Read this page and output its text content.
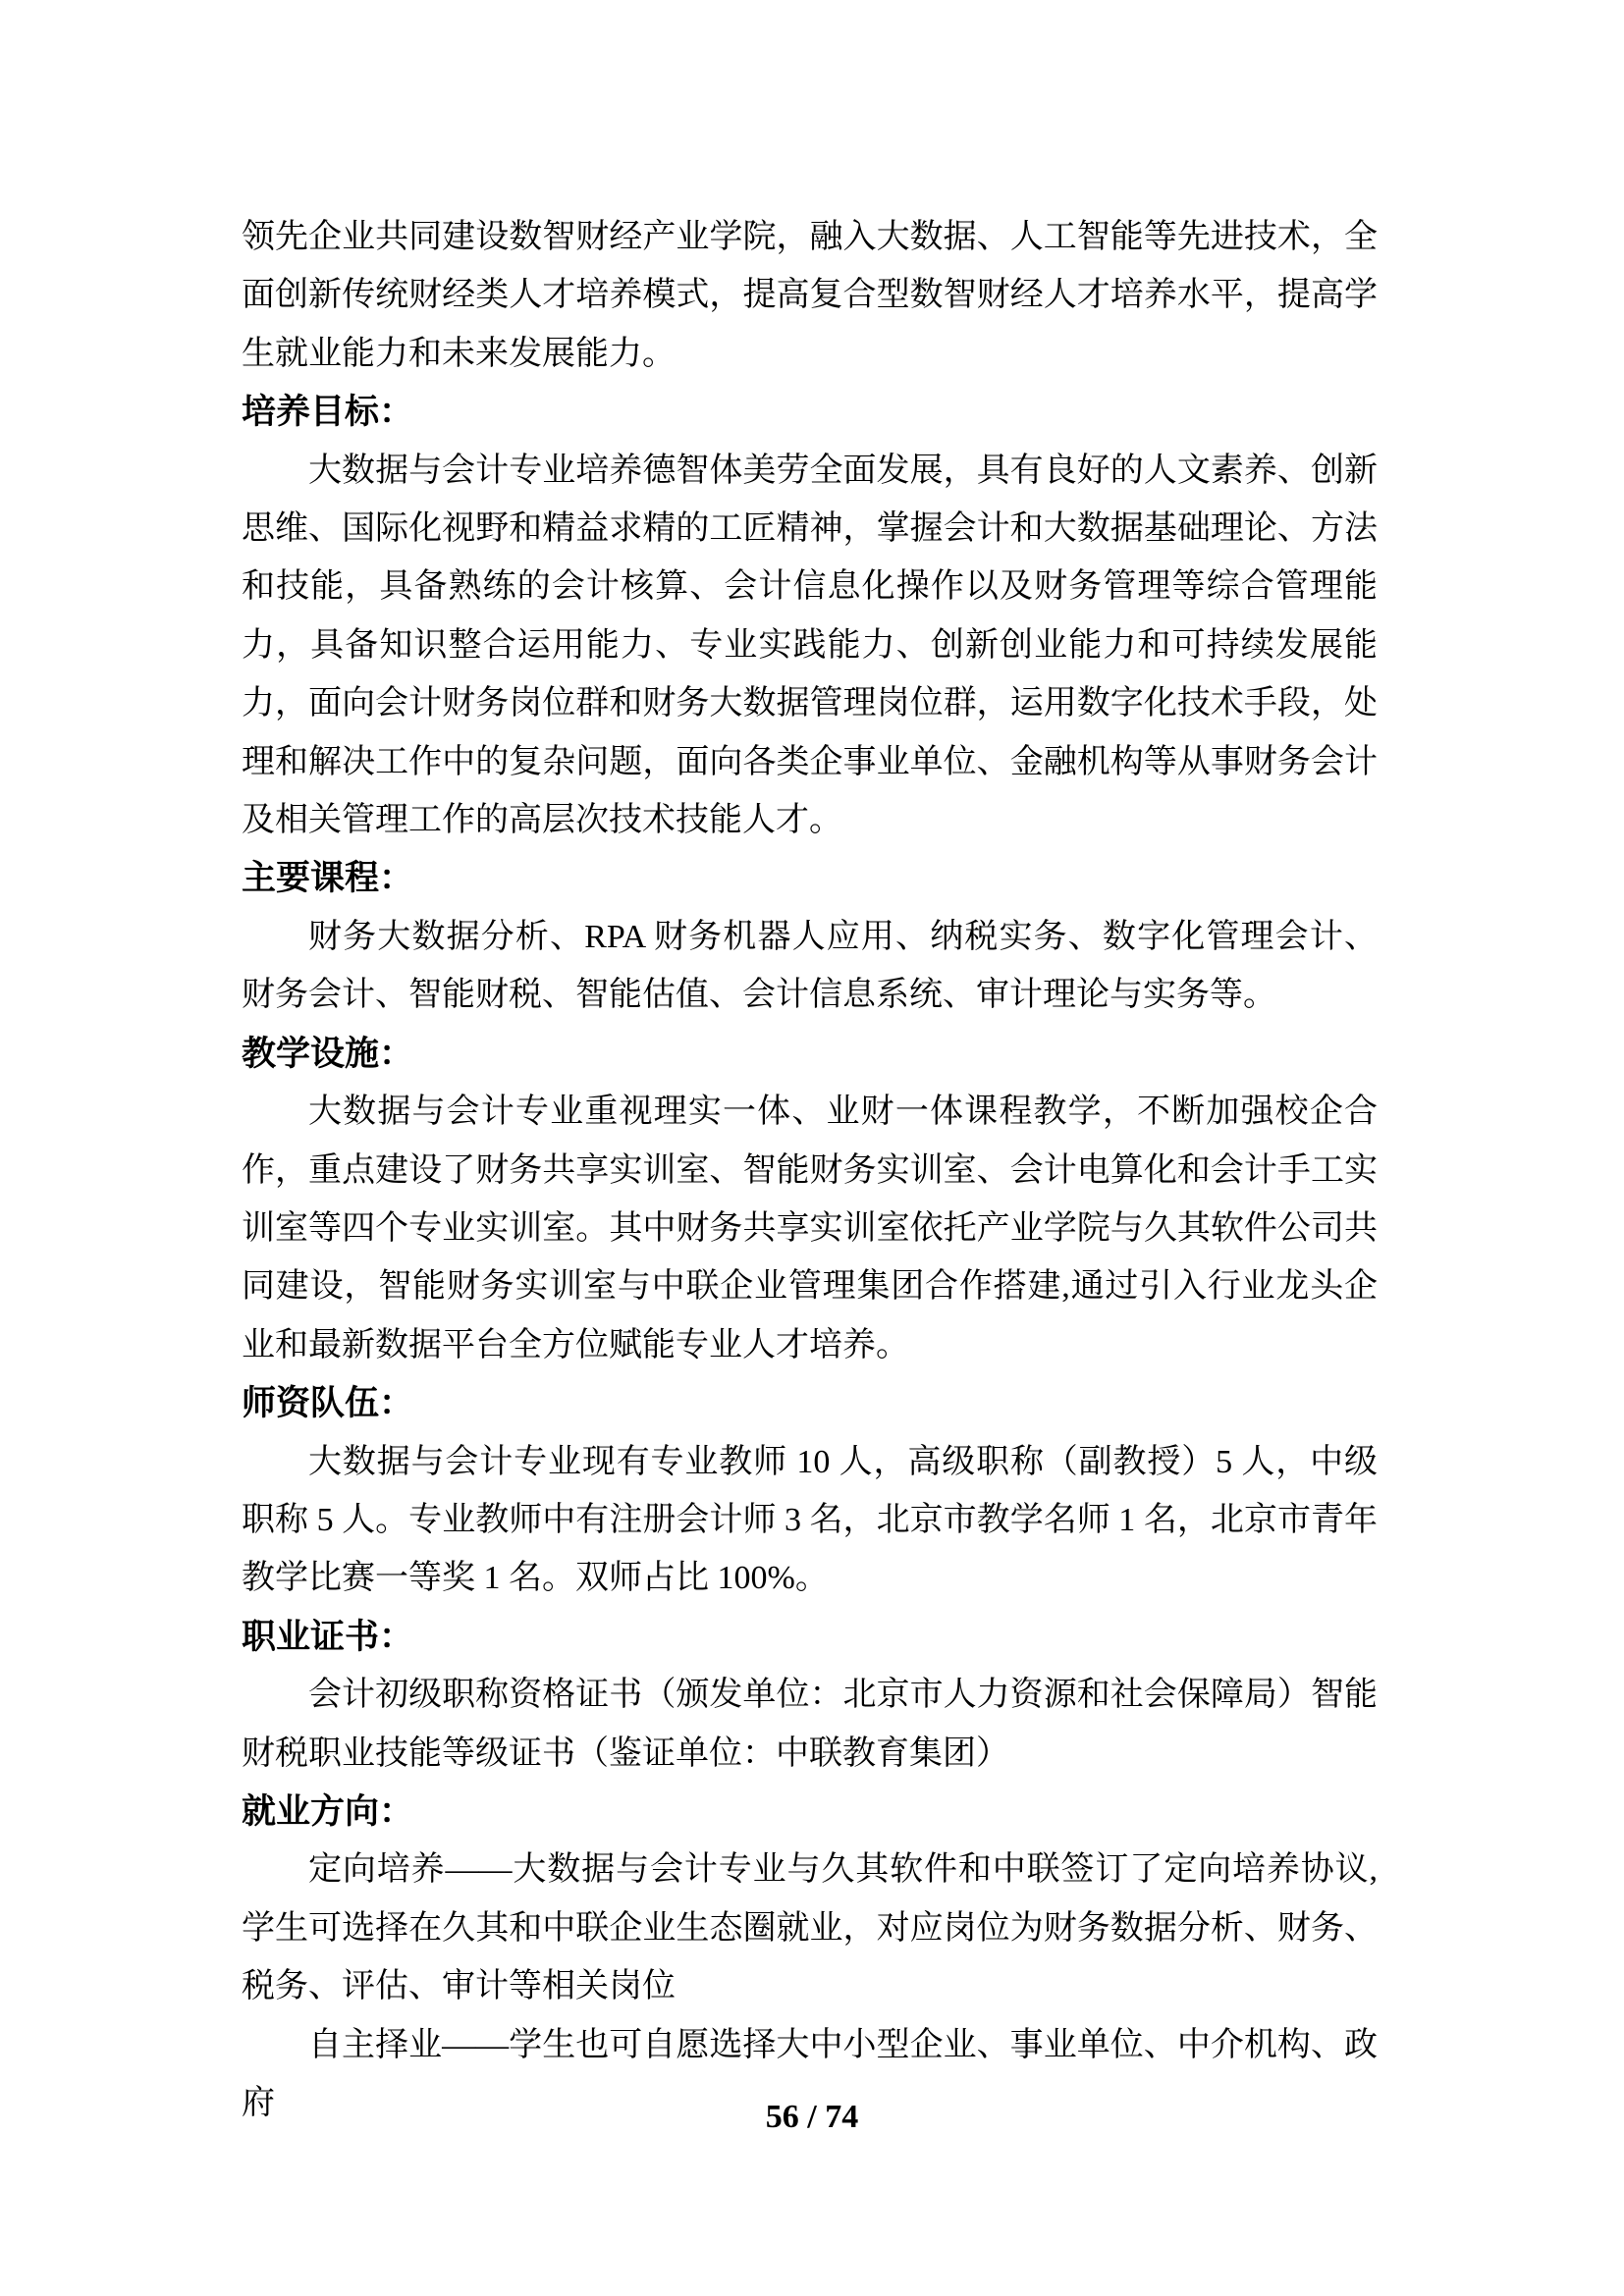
领先企业共同建设数智财经产业学院，融入大数据、人工智能等先进技术，全面创新传统财经类人才培养模式，提高复合型数智财经人才培养水平，提高学生就业能力和未来发展能力。

培养目标：

大数据与会计专业培养德智体美劳全面发展，具有良好的人文素养、创新思维、国际化视野和精益求精的工匠精神，掌握会计和大数据基础理论、方法和技能，具备熟练的会计核算、会计信息化操作以及财务管理等综合管理能力，具备知识整合运用能力、专业实践能力、创新创业能力和可持续发展能力，面向会计财务岗位群和财务大数据管理岗位群，运用数字化技术手段，处理和解决工作中的复杂问题，面向各类企事业单位、金融机构等从事财务会计及相关管理工作的高层次技术技能人才。

主要课程：

财务大数据分析、RPA 财务机器人应用、纳税实务、数字化管理会计、财务会计、智能财税、智能估值、会计信息系统、审计理论与实务等。

教学设施：

大数据与会计专业重视理实一体、业财一体课程教学，不断加强校企合作，重点建设了财务共享实训室、智能财务实训室、会计电算化和会计手工实训室等四个专业实训室。其中财务共享实训室依托产业学院与久其软件公司共同建设，智能财务实训室与中联企业管理集团合作搭建,通过引入行业龙头企业和最新数据平台全方位赋能专业人才培养。

师资队伍：

大数据与会计专业现有专业教师 10 人，高级职称（副教授）5 人，中级职称 5 人。专业教师中有注册会计师 3 名，北京市教学名师 1 名，北京市青年教学比赛一等奖 1 名。双师占比 100%。

职业证书：

会计初级职称资格证书（颁发单位：北京市人力资源和社会保障局）智能财税职业技能等级证书（鉴证单位：中联教育集团）

就业方向：

定向培养——大数据与会计专业与久其软件和中联签订了定向培养协议,学生可选择在久其和中联企业生态圈就业，对应岗位为财务数据分析、财务、税务、评估、审计等相关岗位

自主择业——学生也可自愿选择大中小型企业、事业单位、中介机构、政府	56 / 74
